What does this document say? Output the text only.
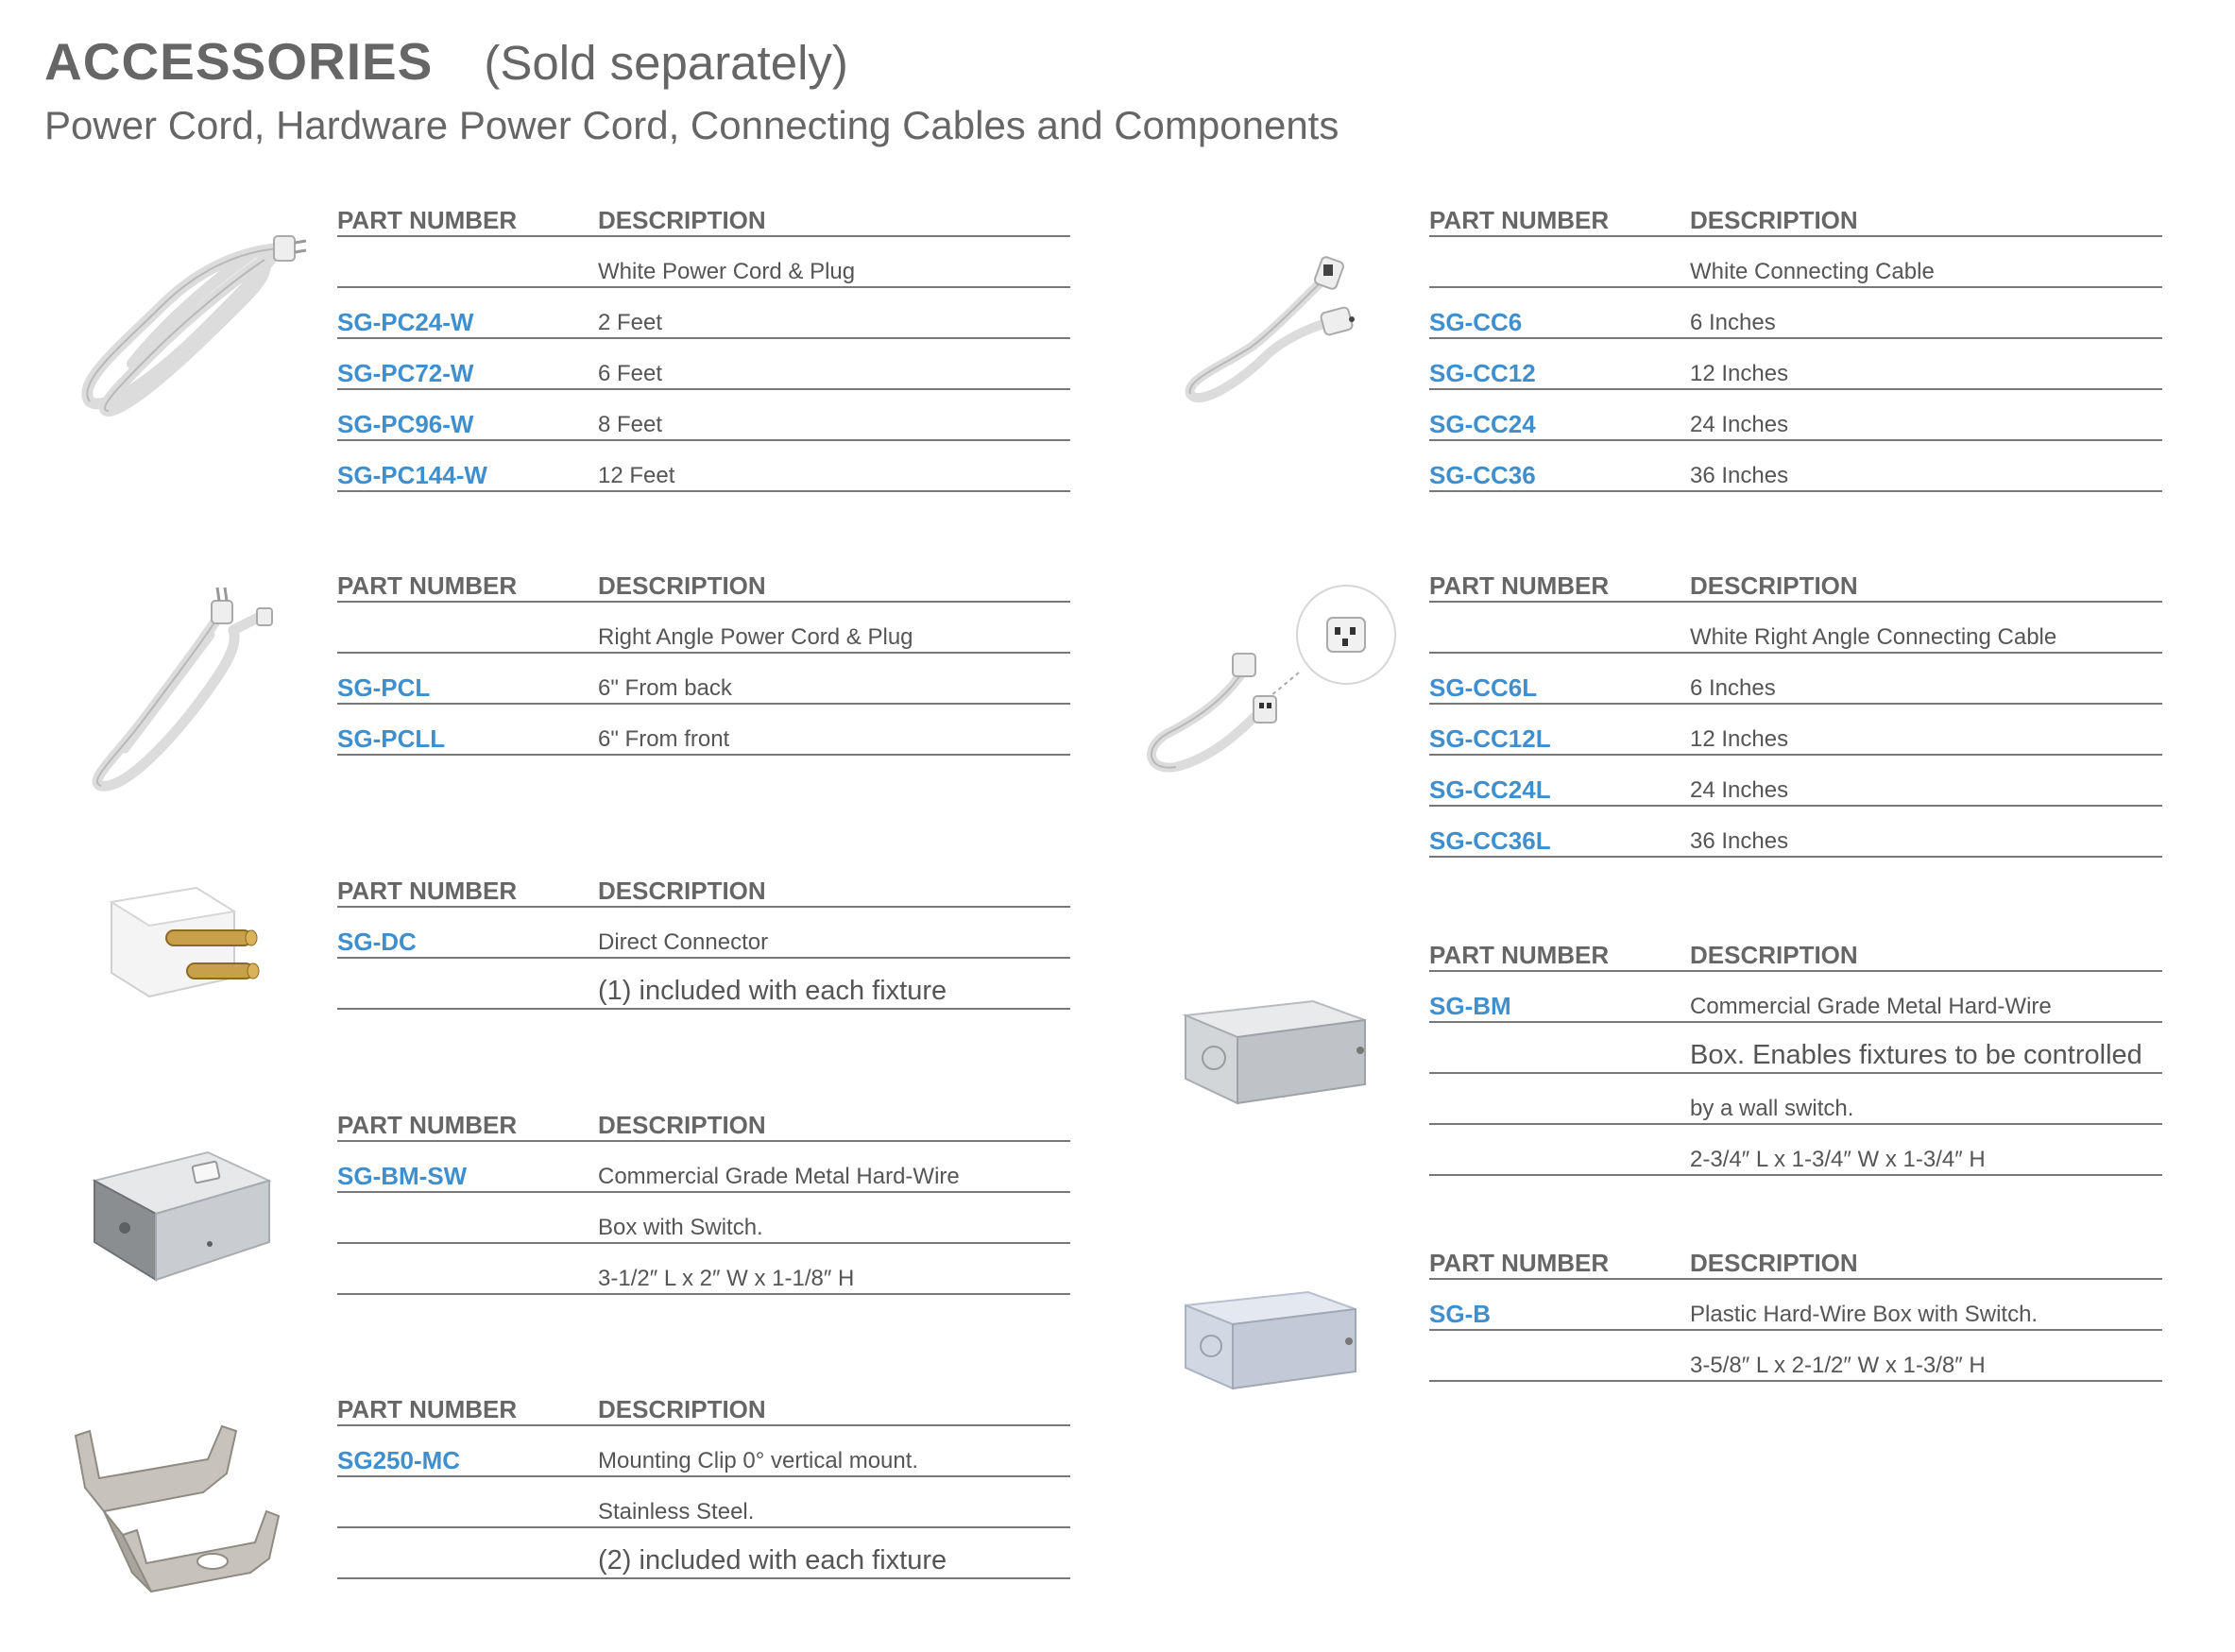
ACCESSORIES (Sold separately)
Power Cord, Hardware Power Cord, Connecting Cables and Components
PART NUMBER	DESCRIPTION
White Power Cord & Plug
SG-PC24-W	2 Feet
SG-PC72-W	6 Feet
SG-PC96-W	8 Feet
SG-PC144-W	12 Feet
PART NUMBER	DESCRIPTION
Right Angle Power Cord & Plug
SG-PCL	6" From back
SG-PCLL	6" From front
PART NUMBER	DESCRIPTION
SG-DC	Direct Connector
(1) included with each fixture
PART NUMBER	DESCRIPTION
SG-BM-SW	Commercial Grade Metal Hard-Wire
Box with Switch.
3-1/2″ L x 2″ W x 1-1/8″ H
PART NUMBER	DESCRIPTION
SG250-MC	Mounting Clip 0° vertical mount.
Stainless Steel.
(2) included with each fixture
PART NUMBER	DESCRIPTION
White Connecting Cable
SG-CC6	6 Inches
SG-CC12	12 Inches
SG-CC24	24 Inches
SG-CC36	36 Inches
PART NUMBER	DESCRIPTION
White Right Angle Connecting Cable
SG-CC6L	6 Inches
SG-CC12L	12 Inches
SG-CC24L	24 Inches
SG-CC36L	36 Inches
PART NUMBER	DESCRIPTION
SG-BM	Commercial Grade Metal Hard-Wire
Box. Enables fixtures to be controlled
by a wall switch.
2-3/4″ L x 1-3/4″ W x 1-3/4″ H
PART NUMBER	DESCRIPTION
SG-B	Plastic Hard-Wire Box with Switch.
3-5/8″ L x 2-1/2″ W x 1-3/8″ H
